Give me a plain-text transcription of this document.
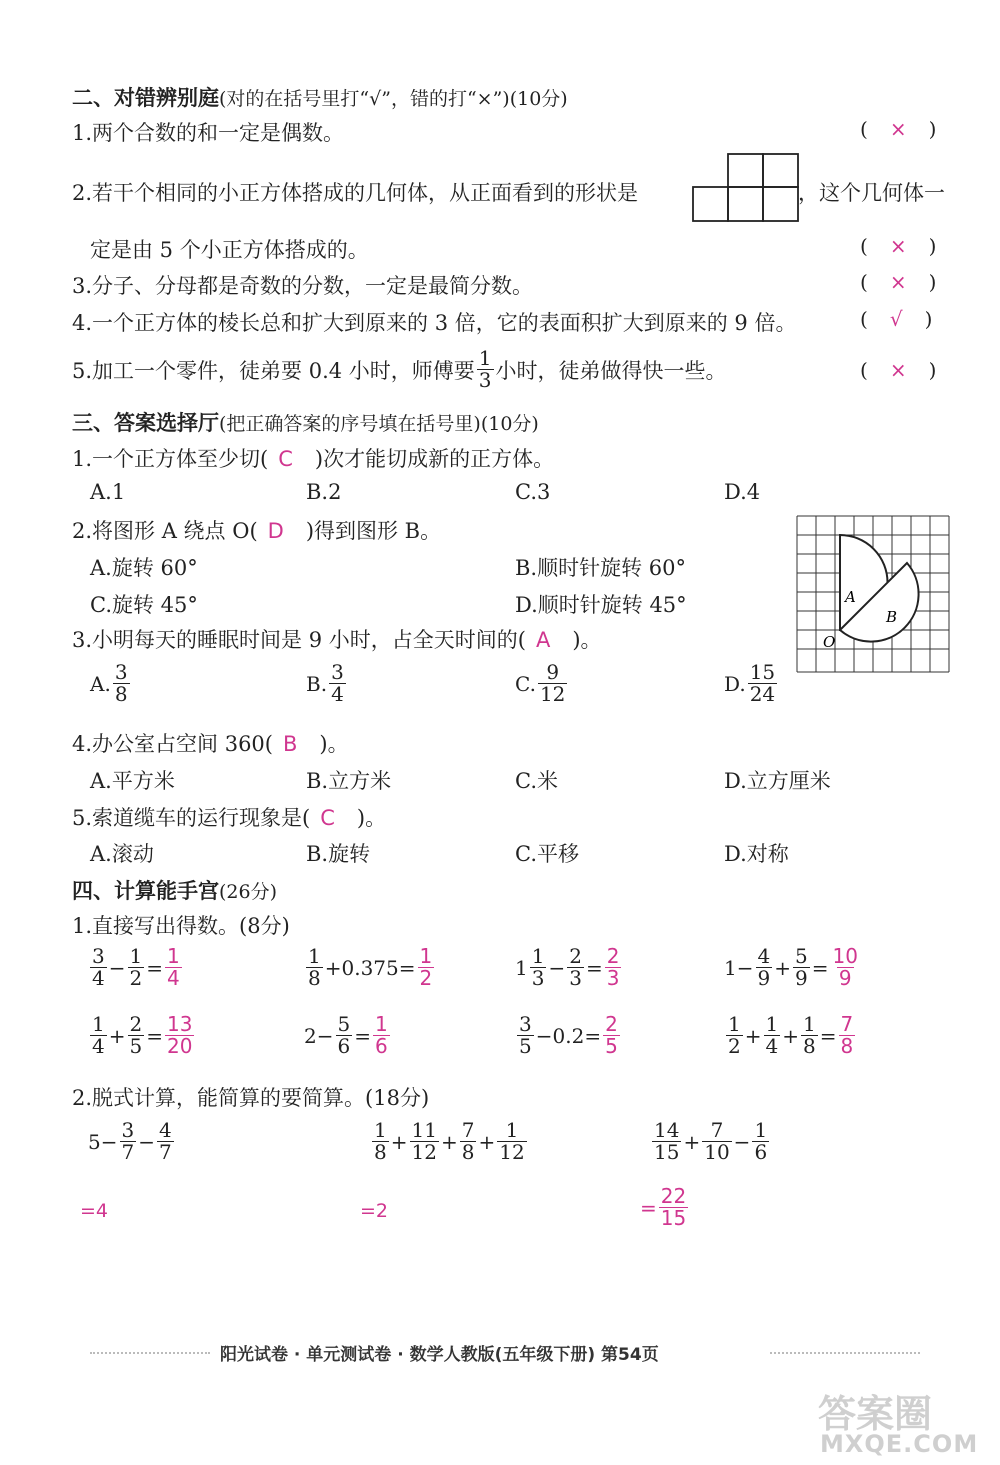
二、对错辨别庭(对的在括号里打“√”，错的打“×”)(10分)
1.两个合数的和一定是偶数。	( × )
2.若干个相同的小正方体搭成的几何体，从正面看到的形状是	，这个几何体一
定是由 5 个小正方体搭成的。	( × )
3.分子、分母都是奇数的分数，一定是最简分数。	( × )
4.一个正方体的棱长总和扩大到原来的 3 倍，它的表面积扩大到原来的 9 倍。	( √ )
5.加工一个零件，徒弟要 0.4 小时，师傅要 $\frac{1}{3}$ 小时，徒弟做得快一些。	( × )
三、答案选择厅(把正确答案的序号填在括号里)(10分)
1.一个正方体至少切( C )次才能切成新的正方体。
A.1	B.2	C.3	D.4
2.将图形 A 绕点 O( D )得到图形 B。
A.旋转 60°	B.顺时针旋转 60°
C.旋转 45°	D.顺时针旋转 45°	A
B
O
3.小明每天的睡眠时间是 9 小时，占全天时间的( A )。
A. $\frac{3}{8}$	B. $\frac{3}{4}$	C. $\frac{9}{12}$	D. $\frac{15}{24}$
4.办公室占空间 360( B )。
A.平方米	B.立方米	C.米	D.立方厘米
5.索道缆车的运行现象是( C )。
A.滚动	B.旋转	C.平移	D.对称
四、计算能手宫(26分)
1.直接写出得数。(8分)
$\frac{3}{4} - \frac{1}{2} = \frac{1}{4}$	$\frac{1}{8} + 0.375 = \frac{1}{2}$	$1 \frac{1}{3} - \frac{2}{3} = \frac{2}{3}$	$1 - \frac{4}{9} + \frac{5}{9} = \frac{10}{9}$
$\frac{1}{4} + \frac{2}{5} = \frac{13}{20}$	$2 - \frac{5}{6} = \frac{1}{6}$	$\frac{3}{5} - 0.2 = \frac{2}{5}$	$\frac{1}{2} + \frac{1}{4} + \frac{1}{8} = \frac{7}{8}$
2.脱式计算，能简算的要简算。(18分)
$5 - \frac{3}{7} - \frac{4}{7}$	$\frac{1}{8} + \frac{11}{12} + \frac{7}{8} + \frac{1}{12}$	$\frac{14}{15} + \frac{7}{10} - \frac{1}{6}$
=4	=2	= $\frac{22}{15}$
阳光试卷 · 单元测试卷 · 数学人教版(五年级下册) 第54页
答案圈
MXQE.COM
